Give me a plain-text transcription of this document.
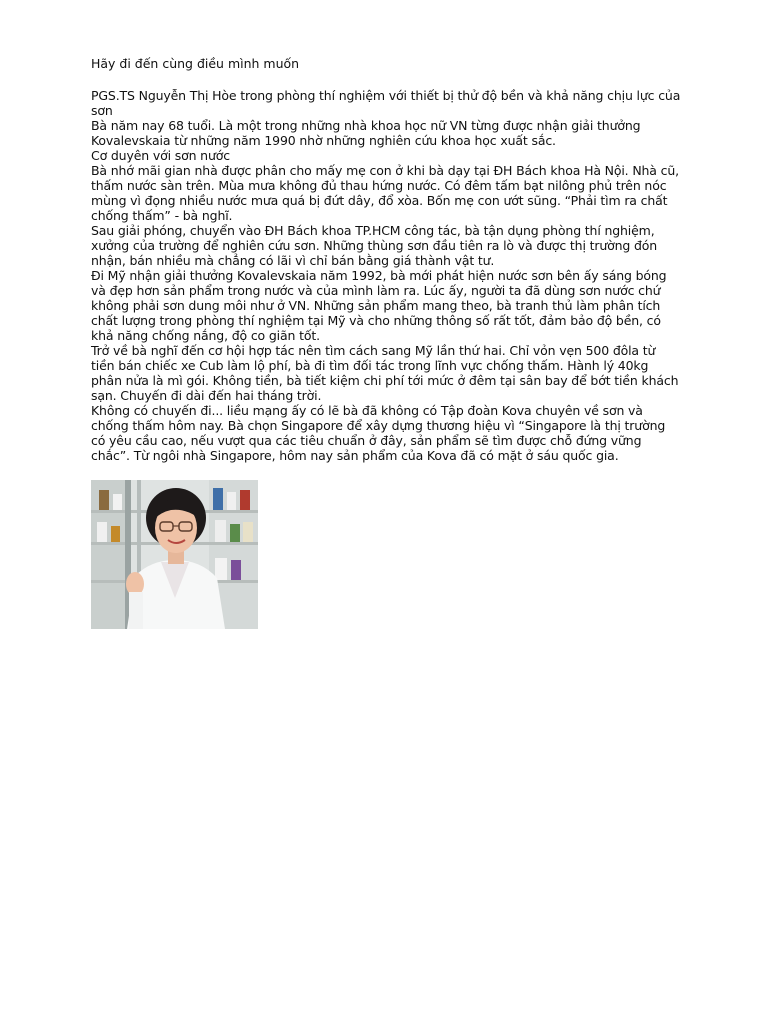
Hãy đi đến cùng điều mình muốn

PGS.TS Nguyễn Thị Hòe trong phòng thí nghiệm với thiết bị thử độ bền và khả năng chịu lực của sơn

Bà năm nay 68 tuổi. Là một trong những nhà khoa học nữ VN từng được nhận giải thưởng Kovalevskaia từ những năm 1990 nhờ những nghiên cứu khoa học xuất sắc.

Cơ duyên với sơn nước

Bà nhớ mãi gian nhà được phân cho mấy mẹ con ở khi bà dạy tại ĐH Bách khoa Hà Nội. Nhà cũ, thấm nước sàn trên. Mùa mưa không đủ thau hứng nước. Có đêm tấm bạt nilông phủ trên nóc mùng vì đọng nhiều nước mưa quá bị đứt dây, đổ xòa. Bốn mẹ con ướt sũng. “Phải tìm ra chất chống thấm” - bà nghĩ.

Sau giải phóng, chuyển vào ĐH Bách khoa TP.HCM công tác, bà tận dụng phòng thí nghiệm, xưởng của trường để nghiên cứu sơn. Những thùng sơn đầu tiên ra lò và được thị trường đón nhận, bán nhiều mà chẳng có lãi vì chỉ bán bằng giá thành vật tư.

Đi Mỹ nhận giải thưởng Kovalevskaia năm 1992, bà mới phát hiện nước sơn bên ấy sáng bóng và đẹp hơn sản phẩm trong nước và của mình làm ra. Lúc ấy, người ta đã dùng sơn nước chứ không phải sơn dung môi như ở VN. Những sản phẩm mang theo, bà tranh thủ làm phân tích chất lượng trong phòng thí nghiệm tại Mỹ và cho những thông số rất tốt, đảm bảo độ bền, có khả năng chống nắng, độ co giãn tốt.

Trở về bà nghĩ đến cơ hội hợp tác nên tìm cách sang Mỹ lần thứ hai. Chỉ vỏn vẹn 500 đôla từ tiền bán chiếc xe Cub làm lộ phí, bà đi tìm đối tác trong lĩnh vực chống thấm. Hành lý 40kg phân nửa là mì gói. Không tiền, bà tiết kiệm chi phí tới mức ở đêm tại sân bay để bớt tiền khách sạn. Chuyến đi dài đến hai tháng trời.

Không có chuyến đi... liều mạng ấy có lẽ bà đã không có Tập đoàn Kova chuyên về sơn và chống thấm hôm nay. Bà chọn Singapore để xây dựng thương hiệu vì “Singapore là thị trường có yêu cầu cao, nếu vượt qua các tiêu chuẩn ở đây, sản phẩm sẽ tìm được chỗ đứng vững chắc”. Từ ngôi nhà Singapore, hôm nay sản phẩm của Kova đã có mặt ở sáu quốc gia.
